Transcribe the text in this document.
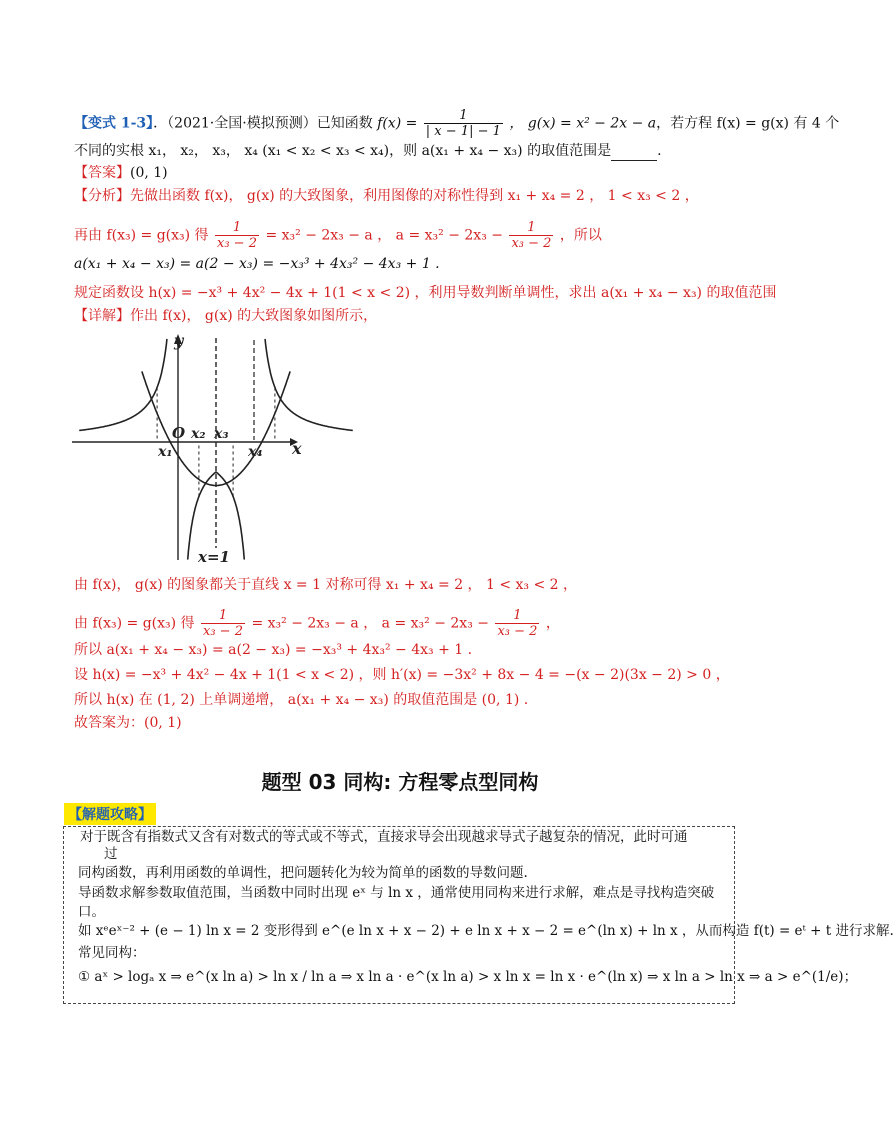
【变式 1-3】．（2021·全国·模拟预测）已知函数 $f(x) = \frac{1}{| x - 1| - 1}$ ， g(x) = x² − 2x − a，若方程 f(x) = g(x) 有 4 个
不同的实根 x₁， x₂， x₃， x₄ (x₁ < x₂ < x₃ < x₄)，则 a(x₁ + x₄ − x₃) 的取值范围是	.
【答案】(0, 1)
【分析】先做出函数 f(x)， g(x) 的大致图象，利用图像的对称性得到 x₁ + x₄ = 2 ， 1 < x₃ < 2 ，
再由 f(x₃) = g(x₃) 得 $\frac{1}{\text{x₃ − 2}} = x_3^2 - 2x_3 - a$ ， $a = x_3^2 - 2x_3 - \frac{1}{\text{x₃ − 2}}$ ，所以
a(x₁ + x₄ − x₃) = a(2 − x₃) = −x₃³ + 4x₃² − 4x₃ + 1 .
规定函数设 h(x) = −x³ + 4x² − 4x + 1(1 < x < 2) ，利用导数判断单调性，求出 a(x₁ + x₄ − x₃) 的取值范围
【详解】作出 f(x)， g(x) 的大致图象如图所示，
y
x
O
x₁
x₂ x₃
x₄
x=1
由 f(x)， g(x) 的图象都关于直线 x = 1 对称可得 x₁ + x₄ = 2 ， 1 < x₃ < 2 ，
由 f(x₃) = g(x₃) 得 $\frac{1}{\text{x₃ − 2}} = x_3^2 - 2x_3 - a$ ， $a = x_3^2 - 2x_3 - \frac{1}{\text{x₃ − 2}}$ ，
所以 a(x₁ + x₄ − x₃) = a(2 − x₃) = −x₃³ + 4x₃² − 4x₃ + 1 .
设 h(x) = −x³ + 4x² − 4x + 1(1 < x < 2) ，则 h′(x) = −3x² + 8x − 4 = −(x − 2)(3x − 2) > 0 ，
所以 h(x) 在 (1, 2) 上单调递增， a(x₁ + x₄ − x₃) 的取值范围是 (0, 1) .
故答案为：(0, 1)
题型 03 同构: 方程零点型同构
【解题攻略】
对于既含有指数式又含有对数式的等式或不等式，直接求导会出现越求导式子越复杂的情况，此时可通
过
同构函数，再利用函数的单调性，把问题转化为较为简单的函数的导数问题.
导函数求解参数取值范围，当函数中同时出现 eˣ 与 ln x ，通常使用同构来进行求解，难点是寻找构造突破
口。
如 xᵉeˣ⁻² + (e − 1) ln x = 2 变形得到 e^(e ln x + x − 2) + e ln x + x − 2 = e^(ln x) + ln x ，从而构造 f(t) = eᵗ + t 进行求解.
常见同构：
① aˣ > logₐ x ⇒ e^(x ln a) > ln x / ln a ⇒ x ln a · e^(x ln a) > x ln x = ln x · e^(ln x) ⇒ x ln a > ln x ⇒ a > e^(1/e)；
